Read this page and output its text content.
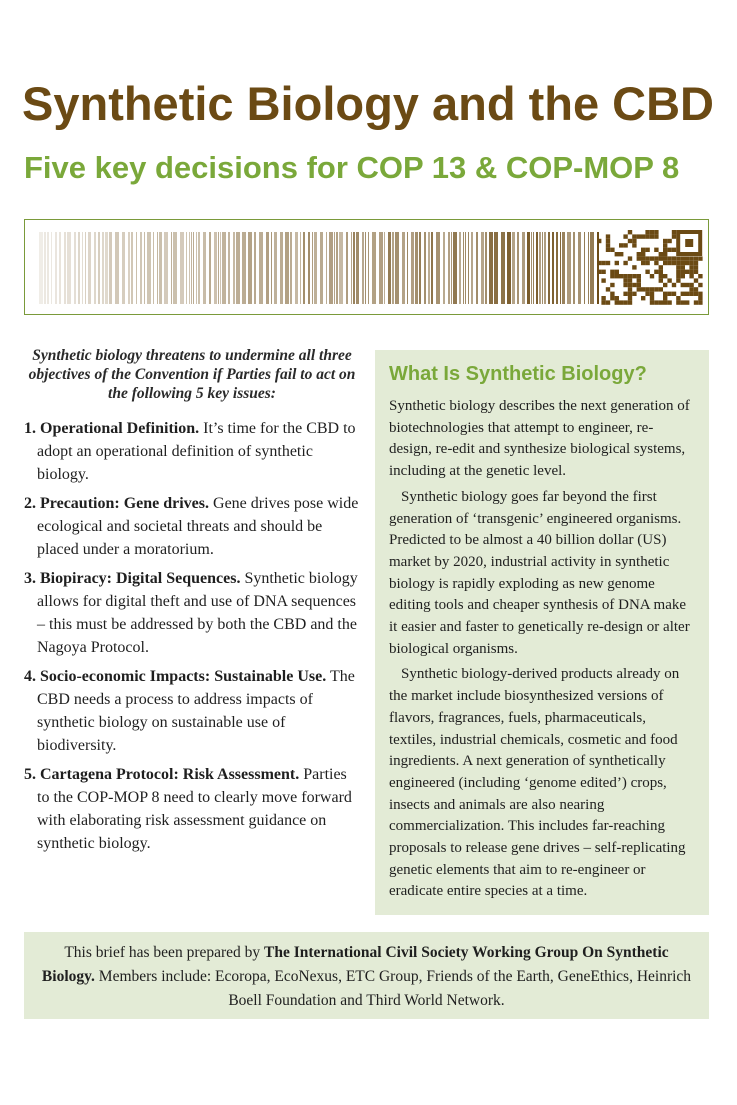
Synthetic Biology and the CBD
Five key decisions for COP 13 & COP-MOP 8

Synthetic biology threatens to undermine all three objectives of the Convention if Parties fail to act on the following 5 key issues:

1. Operational Definition. It’s time for the CBD to adopt an operational definition of synthetic biology.
2. Precaution: Gene drives. Gene drives pose wide ecological and societal threats and should be placed under a moratorium.
3. Biopiracy: Digital Sequences. Synthetic biology allows for digital theft and use of DNA sequences – this must be addressed by both the CBD and the Nagoya Protocol.
4. Socio-economic Impacts: Sustainable Use. The CBD needs a process to address impacts of synthetic biology on sustainable use of biodiversity.
5. Cartagena Protocol: Risk Assessment. Parties to the COP-MOP 8 need to clearly move forward with elaborating risk assessment guidance on synthetic biology.
What Is Synthetic Biology?

Synthetic biology describes the next generation of biotechnologies that attempt to engineer, re-design, re-edit and synthesize biological systems, including at the genetic level.

Synthetic biology goes far beyond the first generation of ‘transgenic’ engineered organisms. Predicted to be almost a 40 billion dollar (US) market by 2020, industrial activity in synthetic biology is rapidly exploding as new genome editing tools and cheaper synthesis of DNA make it easier and faster to genetically re-design or alter biological organisms.

Synthetic biology-derived products already on the market include biosynthesized versions of flavors, fragrances, fuels, pharmaceuticals, textiles, industrial chemicals, cosmetic and food ingredients. A next generation of synthetically engineered (including ‘genome edited’) crops, insects and animals are also nearing commercialization. This includes far-reaching proposals to release gene drives – self-replicating genetic elements that aim to re-engineer or eradicate entire species at a time.

This brief has been prepared by The International Civil Society Working Group On Synthetic Biology. Members include: Ecoropa, EcoNexus, ETC Group, Friends of the Earth, GeneEthics, Heinrich Boell Foundation and Third World Network.
